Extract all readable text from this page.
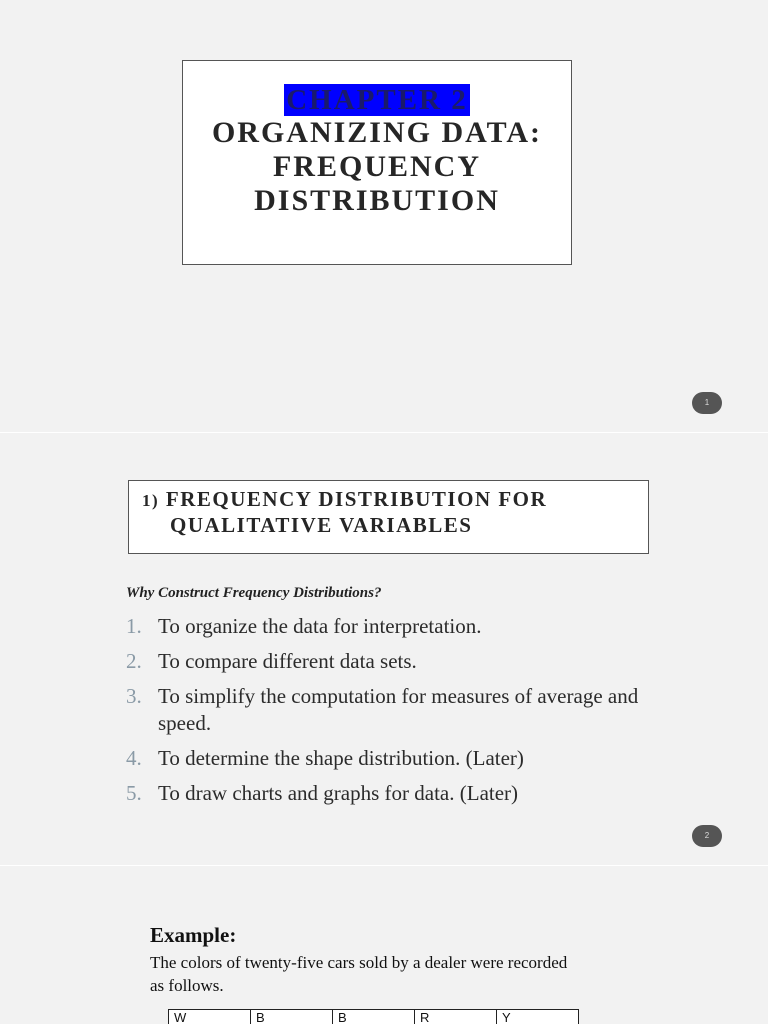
CHAPTER 2
ORGANIZING DATA:
FREQUENCY
DISTRIBUTION
1
1) FREQUENCY DISTRIBUTION FOR
QUALITATIVE VARIABLES
Why Construct Frequency Distributions?
1. To organize the data for interpretation.
2. To compare different data sets.
3. To simplify the computation for measures of average and speed.
4. To determine the shape distribution. (Later)
5. To draw charts and graphs for data. (Later)
2
Example:
The colors of twenty-five cars sold by a dealer were recorded as follows.
W	B	B	R	Y
